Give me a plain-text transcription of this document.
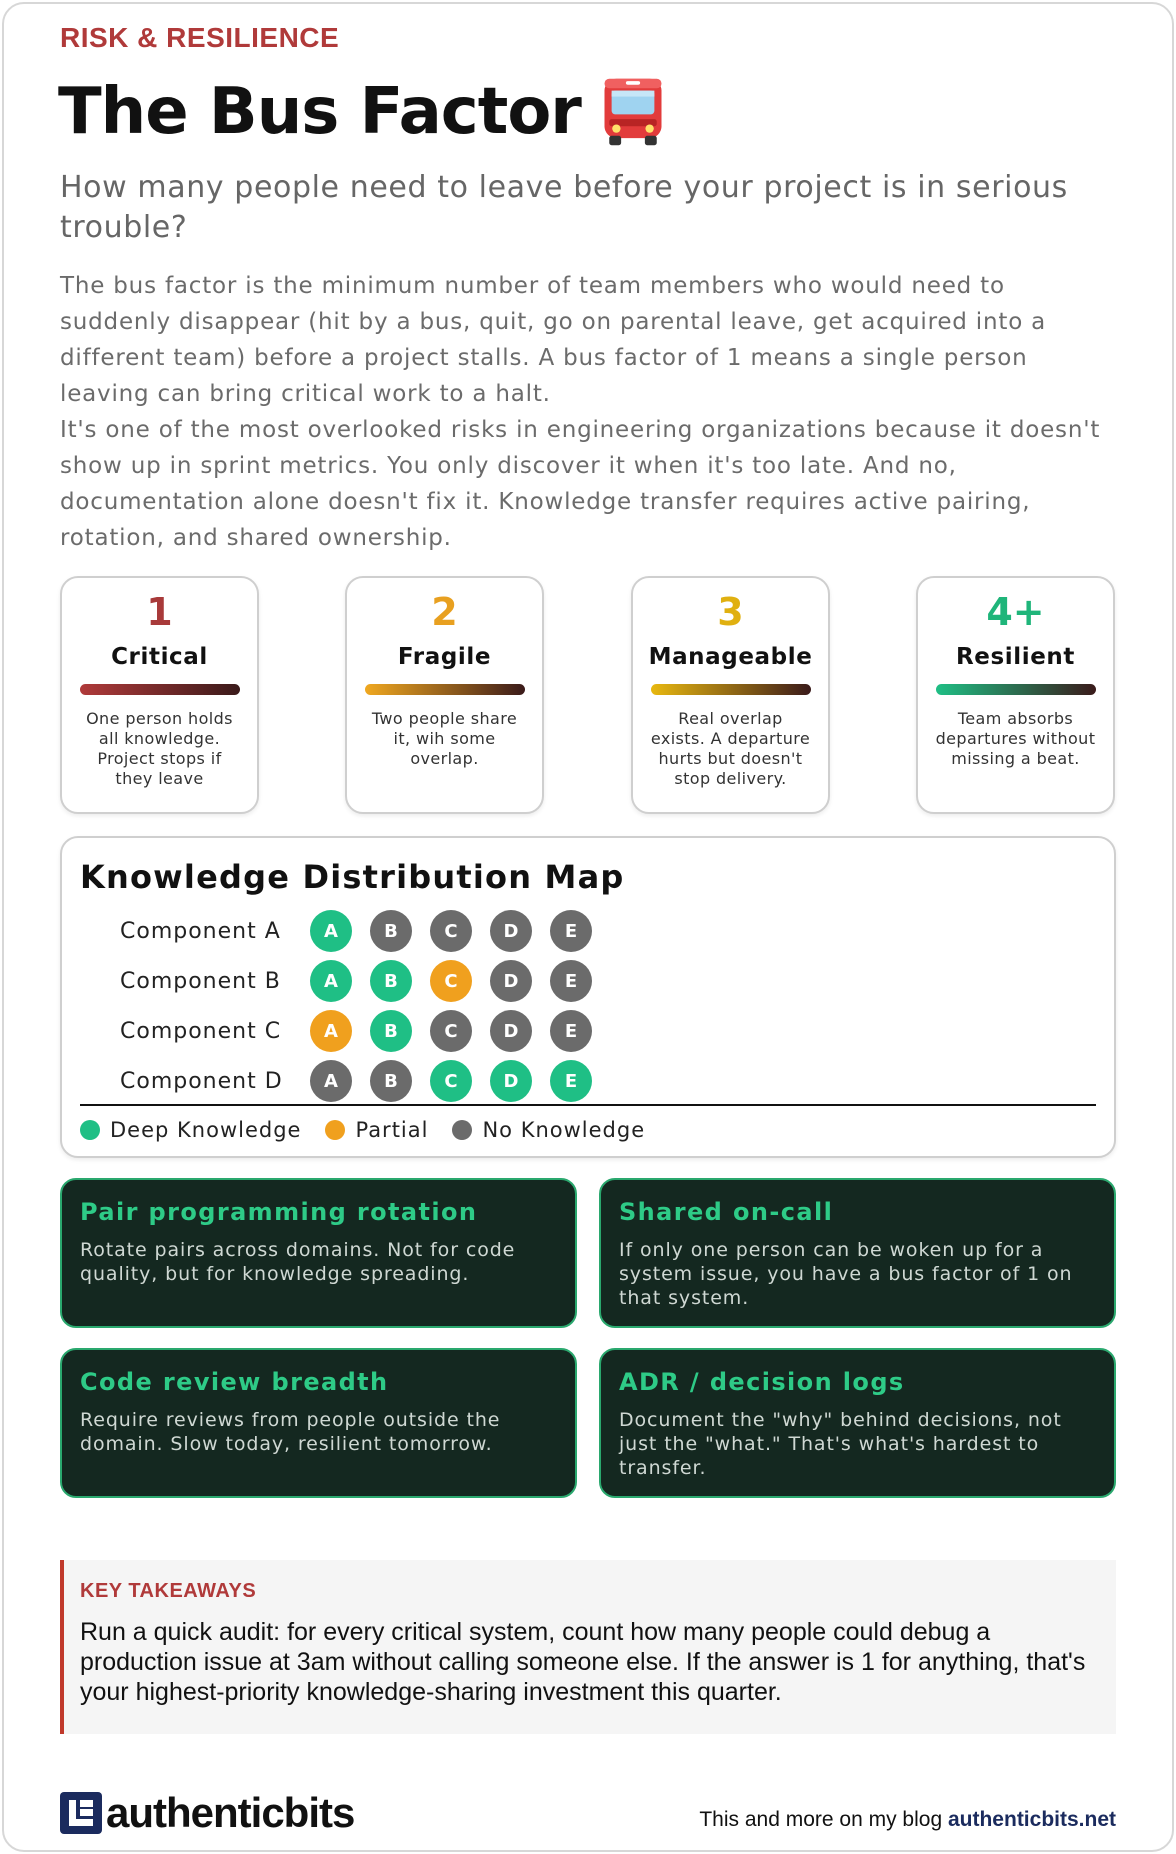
RISK & RESILIENCE
The Bus Factor
How many people need to leave before your project is in serious trouble?

The bus factor is the minimum number of team members who would need to suddenly disappear (hit by a bus, quit, go on parental leave, get acquired into a different team) before a project stalls. A bus factor of 1 means a single person leaving can bring critical work to a halt.

It's one of the most overlooked risks in engineering organizations because it doesn't show up in sprint metrics. You only discover it when it's too late. And no, documentation alone doesn't fix it. Knowledge transfer requires active pairing, rotation, and shared ownership.

1
Critical
One person holds all knowledge. Project stops if they leave
2
Fragile
Two people share it, wih some overlap.
3
Manageable
Real overlap exists. A departure hurts but doesn't stop delivery.
4+
Resilient
Team absorbs departures without missing a beat.
Knowledge Distribution Map
Component A	A	B	C	D	E
Component B	A	B	C	D	E
Component C	A	B	C	D	E
Component D	A	B	C	D	E
Deep Knowledge	Partial	No Knowledge
Pair programming rotation
Rotate pairs across domains. Not for code quality, but for knowledge spreading.
Shared on-call
If only one person can be woken up for a system issue, you have a bus factor of 1 on that system.
Code review breadth
Require reviews from people outside the domain. Slow today, resilient tomorrow.
ADR / decision logs
Document the "why" behind decisions, not just the "what." That's what's hardest to transfer.
KEY TAKEAWAYS
Run a quick audit: for every critical system, count how many people could debug a production issue at 3am without calling someone else. If the answer is 1 for anything, that's your highest-priority knowledge-sharing investment this quarter.
authenticbits	This and more on my blog authenticbits.net
